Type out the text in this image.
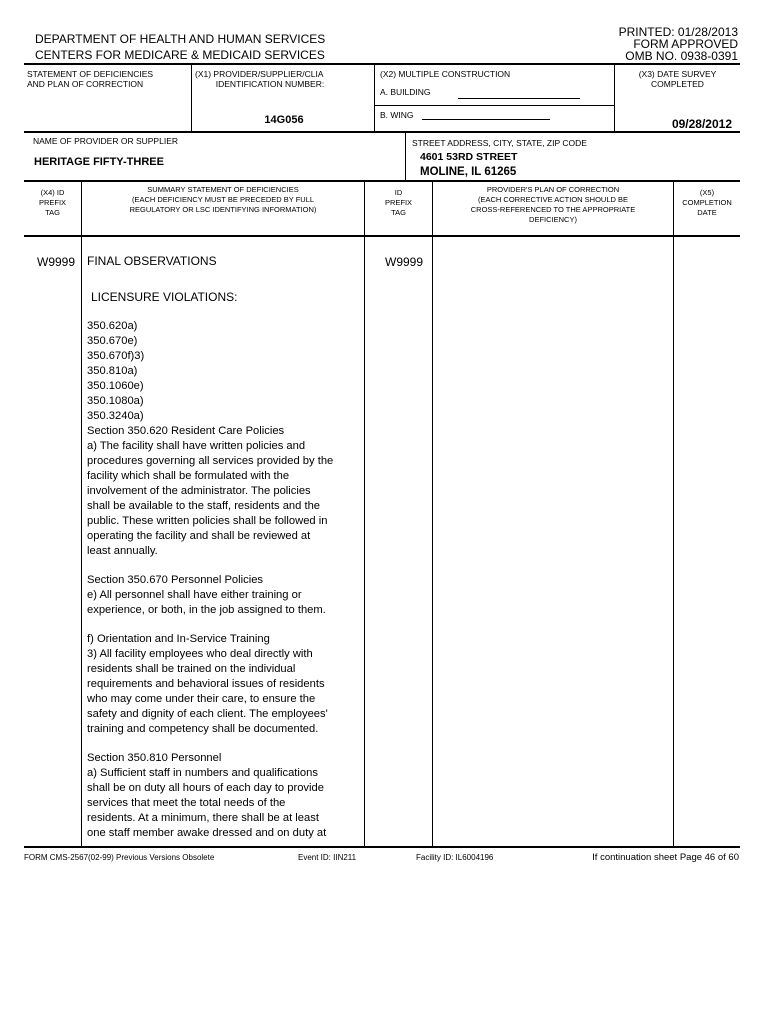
DEPARTMENT OF HEALTH AND HUMAN SERVICES
CENTERS FOR MEDICARE & MEDICAID SERVICES
PRINTED: 01/28/2013
FORM APPROVED
OMB NO. 0938-0391
STATEMENT OF DEFICIENCIES
AND PLAN OF CORRECTION
(X1) PROVIDER/SUPPLIER/CLIA
IDENTIFICATION NUMBER:
14G056
(X2) MULTIPLE CONSTRUCTION
A. BUILDING
B. WING
(X3) DATE SURVEY
COMPLETED
09/28/2012
NAME OF PROVIDER OR SUPPLIER
HERITAGE FIFTY-THREE
STREET ADDRESS, CITY, STATE, ZIP CODE
4601 53RD STREET
MOLINE, IL 61265
(X4) ID
PREFIX
TAG
SUMMARY STATEMENT OF DEFICIENCIES
(EACH DEFICIENCY MUST BE PRECEDED BY FULL
REGULATORY OR LSC IDENTIFYING INFORMATION)
ID
PREFIX
TAG
PROVIDER'S PLAN OF CORRECTION
(EACH CORRECTIVE ACTION SHOULD BE
CROSS-REFERENCED TO THE APPROPRIATE
DEFICIENCY)
(X5)
COMPLETION
DATE
W9999	W9999
FINAL OBSERVATIONS
LICENSURE VIOLATIONS:
350.620a)
350.670e)
350.670f)3)
350.810a)
350.1060e)
350.1080a)
350.3240a)
Section 350.620 Resident Care Policies
a) The facility shall have written policies and
procedures governing all services provided by the
facility which shall be formulated with the
involvement of the administrator. The policies
shall be available to the staff, residents and the
public. These written policies shall be followed in
operating the facility and shall be reviewed at
least annually.
Section 350.670 Personnel Policies
e) All personnel shall have either training or
experience, or both, in the job assigned to them.
f) Orientation and In-Service Training
3) All facility employees who deal directly with
residents shall be trained on the individual
requirements and behavioral issues of residents
who may come under their care, to ensure the
safety and dignity of each client. The employees'
training and competency shall be documented.
Section 350.810 Personnel
a) Sufficient staff in numbers and qualifications
shall be on duty all hours of each day to provide
services that meet the total needs of the
residents. At a minimum, there shall be at least
one staff member awake dressed and on duty at
FORM CMS-2567(02-99) Previous Versions Obsolete	Event ID: IIN211	Facility ID: IL6004196	If continuation sheet Page 46 of 60
